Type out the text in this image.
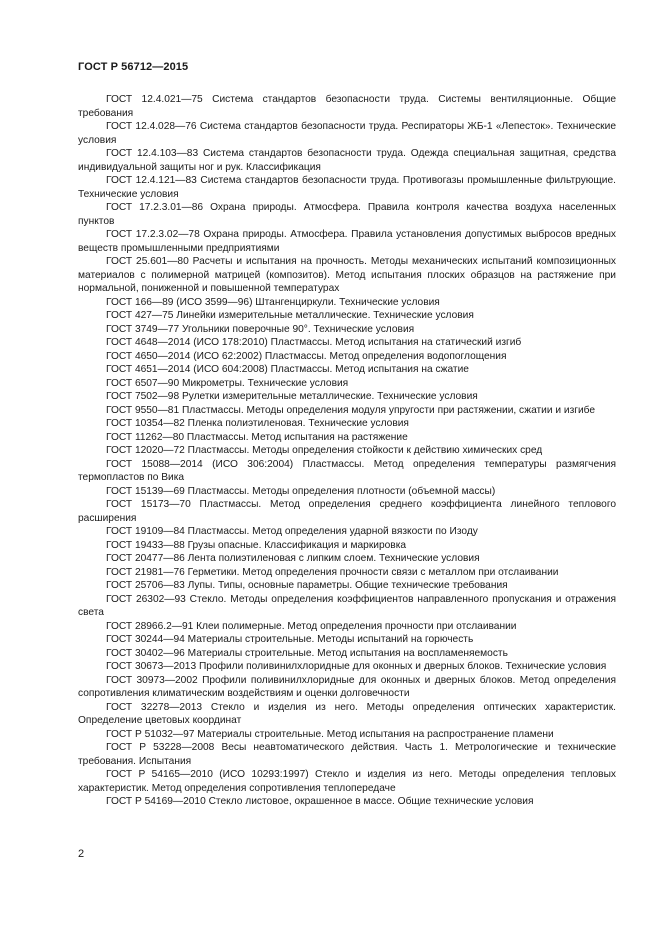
ГОСТ Р 56712—2015

ГОСТ 12.4.021—75 Система стандартов безопасности труда. Системы вентиляционные. Общие требования

ГОСТ 12.4.028—76 Система стандартов безопасности труда. Респираторы ЖБ-1 «Лепесток». Технические условия

ГОСТ 12.4.103—83 Система стандартов безопасности труда. Одежда специальная защитная, средства индивидуальной защиты ног и рук. Классификация

ГОСТ 12.4.121—83 Система стандартов безопасности труда. Противогазы промышленные фильтрующие. Технические условия

ГОСТ 17.2.3.01—86 Охрана природы. Атмосфера. Правила контроля качества воздуха населенных пунктов

ГОСТ 17.2.3.02—78 Охрана природы. Атмосфера. Правила установления допустимых выбросов вредных веществ промышленными предприятиями

ГОСТ 25.601—80 Расчеты и испытания на прочность. Методы механических испытаний композиционных материалов с полимерной матрицей (композитов). Метод испытания плоских образцов на растяжение при нормальной, пониженной и повышенной температурах

ГОСТ 166—89 (ИСО 3599—96) Штангенциркули. Технические условия

ГОСТ 427—75 Линейки измерительные металлические. Технические условия

ГОСТ 3749—77 Угольники поверочные 90°. Технические условия

ГОСТ 4648—2014 (ИСО 178:2010) Пластмассы. Метод испытания на статический изгиб

ГОСТ 4650—2014 (ИСО 62:2002) Пластмассы. Метод определения водопоглощения

ГОСТ 4651—2014 (ИСО 604:2008) Пластмассы. Метод испытания на сжатие

ГОСТ 6507—90 Микрометры. Технические условия

ГОСТ 7502—98 Рулетки измерительные металлические. Технические условия

ГОСТ 9550—81 Пластмассы. Методы определения модуля упругости при растяжении, сжатии и изгибе

ГОСТ 10354—82 Пленка полиэтиленовая. Технические условия

ГОСТ 11262—80 Пластмассы. Метод испытания на растяжение

ГОСТ 12020—72 Пластмассы. Методы определения стойкости к действию химических сред

ГОСТ 15088—2014 (ИСО 306:2004) Пластмассы. Метод определения температуры размягчения термопластов по Вика

ГОСТ 15139—69 Пластмассы. Методы определения плотности (объемной массы)

ГОСТ 15173—70 Пластмассы. Метод определения среднего коэффициента линейного теплового расширения

ГОСТ 19109—84 Пластмассы. Метод определения ударной вязкости по Изоду

ГОСТ 19433—88 Грузы опасные. Классификация и маркировка

ГОСТ 20477—86 Лента полиэтиленовая с липким слоем. Технические условия

ГОСТ 21981—76 Герметики. Метод определения прочности связи с металлом при отслаивании

ГОСТ 25706—83 Лупы. Типы, основные параметры. Общие технические требования

ГОСТ 26302—93 Стекло. Методы определения коэффициентов направленного пропускания и отражения света

ГОСТ 28966.2—91 Клеи полимерные. Метод определения прочности при отслаивании

ГОСТ 30244—94 Материалы строительные. Методы испытаний на горючесть

ГОСТ 30402—96 Материалы строительные. Метод испытания на воспламеняемость

ГОСТ 30673—2013 Профили поливинилхлоридные для оконных и дверных блоков. Технические условия

ГОСТ 30973—2002 Профили поливинилхлоридные для оконных и дверных блоков. Метод определения сопротивления климатическим воздействиям и оценки долговечности

ГОСТ 32278—2013 Стекло и изделия из него. Методы определения оптических характеристик. Определение цветовых координат

ГОСТ Р 51032—97 Материалы строительные. Метод испытания на распространение пламени

ГОСТ Р 53228—2008 Весы неавтоматического действия. Часть 1. Метрологические и технические требования. Испытания

ГОСТ Р 54165—2010 (ИСО 10293:1997) Стекло и изделия из него. Методы определения тепловых характеристик. Метод определения сопротивления теплопередаче

ГОСТ Р 54169—2010 Стекло листовое, окрашенное в массе. Общие технические условия

2
